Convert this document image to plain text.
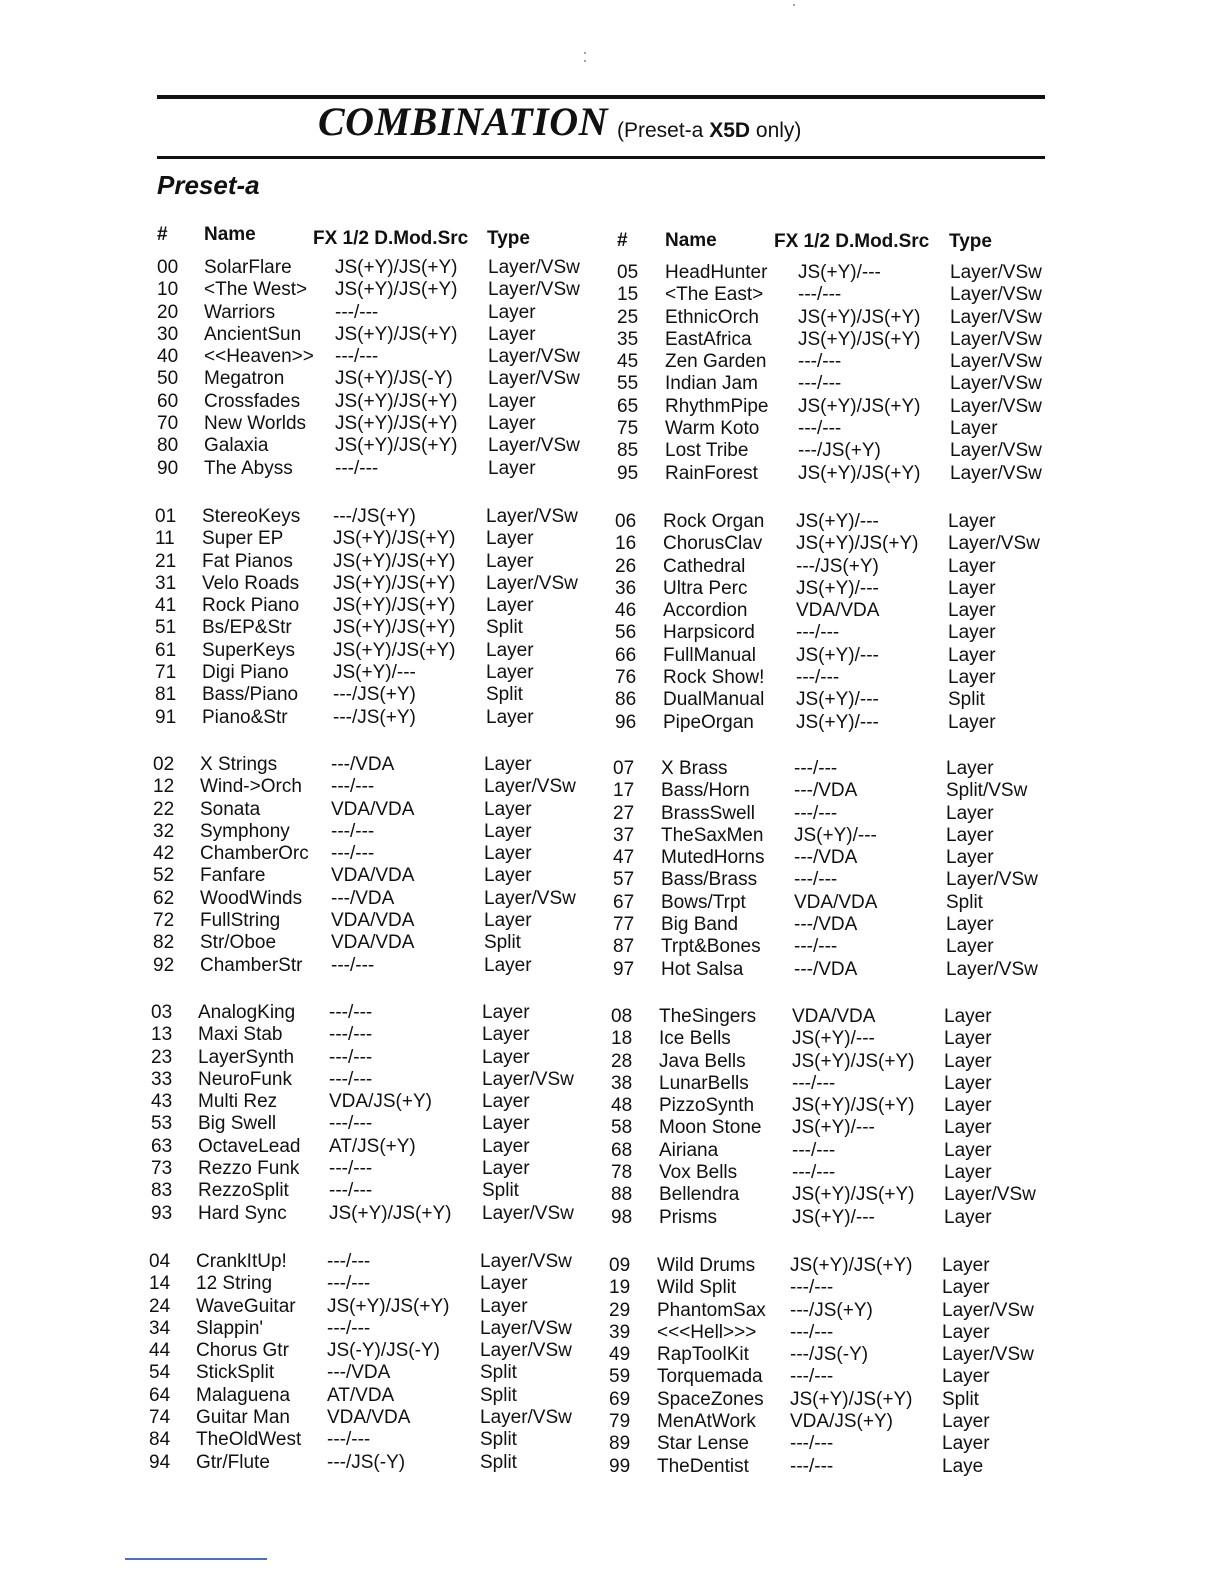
COMBINATION (Preset-a X5D only)
Preset-a
# Name	FX 1/2 D.Mod.Src Type	# Name	FX 1/2 D.Mod.Src Type
00 SolarFlare JS(+Y)/JS(+Y) Layer/VSw
10 <The West> JS(+Y)/JS(+Y) Layer/VSw
20 Warriors	---/---	Layer
30 AncientSun JS(+Y)/JS(+Y) Layer
40 <<Heaven>> ---/---	Layer/VSw
50 Megatron	JS(+Y)/JS(-Y) Layer/VSw
60 Crossfades JS(+Y)/JS(+Y) Layer
70 New Worlds JS(+Y)/JS(+Y) Layer
80 Galaxia	JS(+Y)/JS(+Y) Layer/VSw
90 The Abyss ---/---	Layer
05 HeadHunter JS(+Y)/---	Layer/VSw
15 <The East> ---/---	Layer/VSw
25 EthnicOrch JS(+Y)/JS(+Y) Layer/VSw
35 EastAfrica JS(+Y)/JS(+Y) Layer/VSw
45 Zen Garden ---/---	Layer/VSw
55 Indian Jam ---/---	Layer/VSw
65 RhythmPipe JS(+Y)/JS(+Y) Layer/VSw
75 Warm Koto ---/---	Layer
85 Lost Tribe	---/JS(+Y)	Layer/VSw
95 RainForest JS(+Y)/JS(+Y) Layer/VSw
01 StereoKeys ---/JS(+Y)	Layer/VSw
11 Super EP	JS(+Y)/JS(+Y) Layer
21 Fat Pianos JS(+Y)/JS(+Y) Layer
31 Velo Roads JS(+Y)/JS(+Y) Layer/VSw
41 Rock Piano JS(+Y)/JS(+Y) Layer
51 Bs/EP&Str JS(+Y)/JS(+Y) Split
61 SuperKeys JS(+Y)/JS(+Y) Layer
71 Digi Piano JS(+Y)/---	Layer
81 Bass/Piano ---/JS(+Y)	Split
91 Piano&Str ---/JS(+Y)	Layer
06 Rock Organ JS(+Y)/---	Layer
16 ChorusClav JS(+Y)/JS(+Y) Layer/VSw
26 Cathedral	---/JS(+Y)	Layer
36 Ultra Perc	JS(+Y)/---	Layer
46 Accordion	VDA/VDA	Layer
56 Harpsicord ---/---	Layer
66 FullManual JS(+Y)/---	Layer
76 Rock Show! ---/---	Layer
86 DualManual JS(+Y)/---	Split
96 PipeOrgan JS(+Y)/---	Layer
02 X Strings	---/VDA	Layer
12 Wind->Orch ---/---	Layer/VSw
22 Sonata	VDA/VDA	Layer
32 Symphony ---/---	Layer
42 ChamberOrc ---/---	Layer
52 Fanfare	VDA/VDA	Layer
62 WoodWinds ---/VDA	Layer/VSw
72 FullString	VDA/VDA	Layer
82 Str/Oboe	VDA/VDA	Split
92 ChamberStr ---/---	Layer
07 X Brass	---/---	Layer
17 Bass/Horn ---/VDA	Split/VSw
27 BrassSwell ---/---	Layer
37 TheSaxMen JS(+Y)/---	Layer
47 MutedHorns ---/VDA	Layer
57 Bass/Brass ---/---	Layer/VSw
67 Bows/Trpt	VDA/VDA	Split
77 Big Band	---/VDA	Layer
87 Trpt&Bones ---/---	Layer
97 Hot Salsa	---/VDA	Layer/VSw
03 AnalogKing ---/---	Layer
13 Maxi Stab ---/---	Layer
23 LayerSynth ---/---	Layer
33 NeuroFunk ---/---	Layer/VSw
43 Multi Rez	VDA/JS(+Y)	Layer
53 Big Swell	---/---	Layer
63 OctaveLead AT/JS(+Y)	Layer
73 Rezzo Funk ---/---	Layer
83 RezzoSplit ---/---	Split
93 Hard Sync JS(+Y)/JS(+Y) Layer/VSw
08 TheSingers VDA/VDA	Layer
18 Ice Bells	JS(+Y)/---	Layer
28 Java Bells JS(+Y)/JS(+Y) Layer
38 LunarBells ---/---	Layer
48 PizzoSynth JS(+Y)/JS(+Y) Layer
58 Moon Stone JS(+Y)/---	Layer
68 Airiana	---/---	Layer
78 Vox Bells	---/---	Layer
88 Bellendra	JS(+Y)/JS(+Y) Layer/VSw
98 Prisms	JS(+Y)/---	Layer
04 CrankItUp! ---/---	Layer/VSw
14 12 String	---/---	Layer
24 WaveGuitar JS(+Y)/JS(+Y) Layer
34 Slappin'	---/---	Layer/VSw
44 Chorus Gtr JS(-Y)/JS(-Y) Layer/VSw
54 StickSplit	---/VDA	Split
64 Malaguena AT/VDA	Split
74 Guitar Man VDA/VDA	Layer/VSw
84 TheOldWest ---/---	Split
94 Gtr/Flute	---/JS(-Y)	Split
09 Wild Drums JS(+Y)/JS(+Y) Layer
19 Wild Split	---/---	Layer
29 PhantomSax ---/JS(+Y)	Layer/VSw
39 <<<Hell>>> ---/---	Layer
49 RapToolKit ---/JS(-Y)	Layer/VSw
59 Torquemada ---/---	Layer
69 SpaceZones JS(+Y)/JS(+Y) Split
79 MenAtWork VDA/JS(+Y)	Layer
89 Star Lense ---/---	Layer
99 TheDentist ---/---	Laye
